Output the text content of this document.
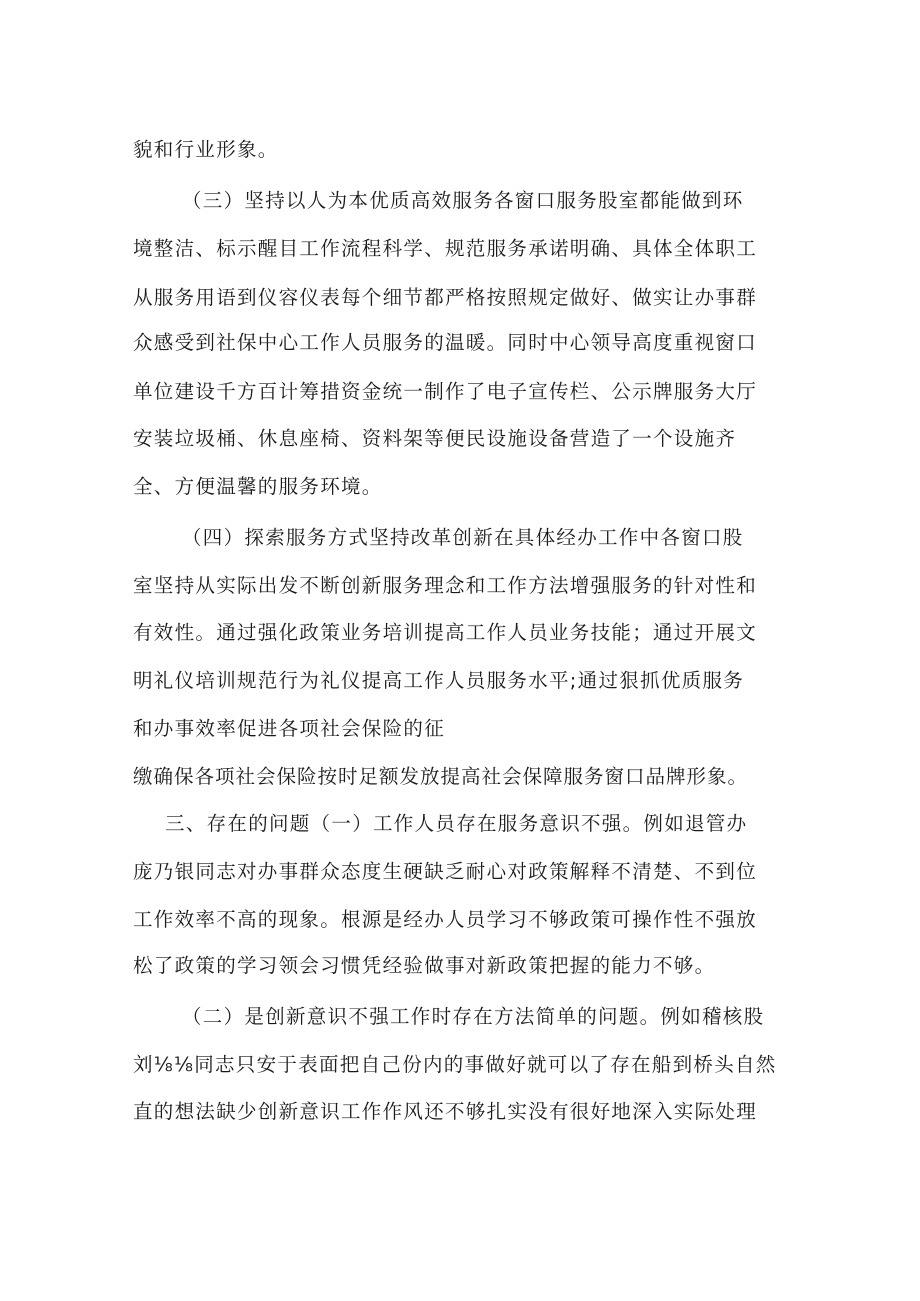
貌和行业形象。
（三）坚持以人为本优质高效服务各窗口服务股室都能做到环
境整洁、标示醒目工作流程科学、规范服务承诺明确、具体全体职工
从服务用语到仪容仪表每个细节都严格按照规定做好、做实让办事群
众感受到社保中心工作人员服务的温暖。同时中心领导高度重视窗口
单位建设千方百计筹措资金统一制作了电子宣传栏、公示牌服务大厅
安装垃圾桶、休息座椅、资料架等便民设施设备营造了一个设施齐
全、方便温馨的服务环境。
（四）探索服务方式坚持改革创新在具体经办工作中各窗口股
室坚持从实际出发不断创新服务理念和工作方法增强服务的针对性和
有效性。通过强化政策业务培训提高工作人员业务技能；通过开展文
明礼仪培训规范行为礼仪提高工作人员服务水平;通过狠抓优质服务
和办事效率促进各项社会保险的征
缴确保各项社会保险按时足额发放提高社会保障服务窗口品牌形象。
三、存在的问题（一）工作人员存在服务意识不强。例如退管办
庞乃银同志对办事群众态度生硬缺乏耐心对政策解释不清楚、不到位
工作效率不高的现象。根源是经办人员学习不够政策可操作性不强放
松了政策的学习领会习惯凭经验做事对新政策把握的能力不够。
（二）是创新意识不强工作时存在方法简单的问题。例如稽核股
刘⅛⅛同志只安于表面把自己份内的事做好就可以了存在船到桥头自然
直的想法缺少创新意识工作作风还不够扎实没有很好地深入实际处理
